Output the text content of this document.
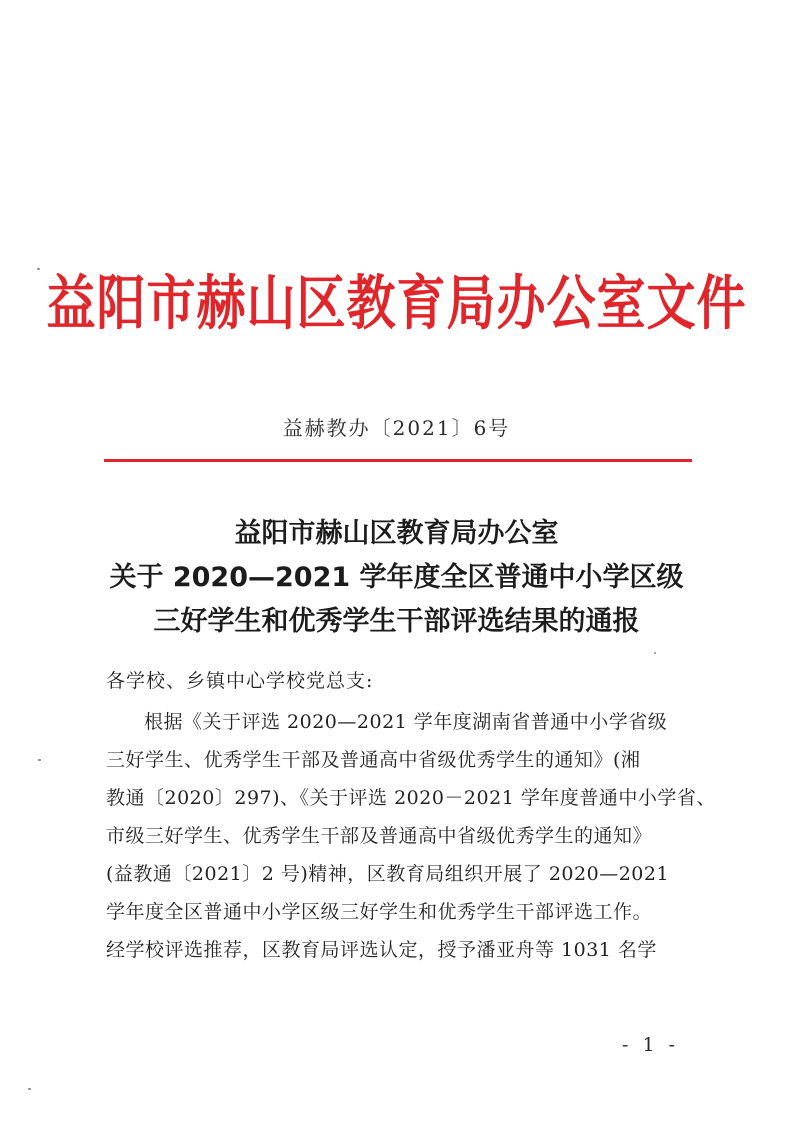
益阳市赫山区教育局办公室文件
益赫教办〔2021〕6号
益阳市赫山区教育局办公室
关于 2020—2021 学年度全区普通中小学区级
三好学生和优秀学生干部评选结果的通报
各学校、乡镇中心学校党总支:
根据《关于评选 2020—2021 学年度湖南省普通中小学省级
三好学生、优秀学生干部及普通高中省级优秀学生的通知》(湘
教通〔2020〕297)、《关于评选 2020－2021 学年度普通中小学省、
市级三好学生、优秀学生干部及普通高中省级优秀学生的通知》
(益教通〔2021〕2 号)精神，区教育局组织开展了 2020—2021
学年度全区普通中小学区级三好学生和优秀学生干部评选工作。
经学校评选推荐，区教育局评选认定，授予潘亚舟等 1031 名学
- 1 -
